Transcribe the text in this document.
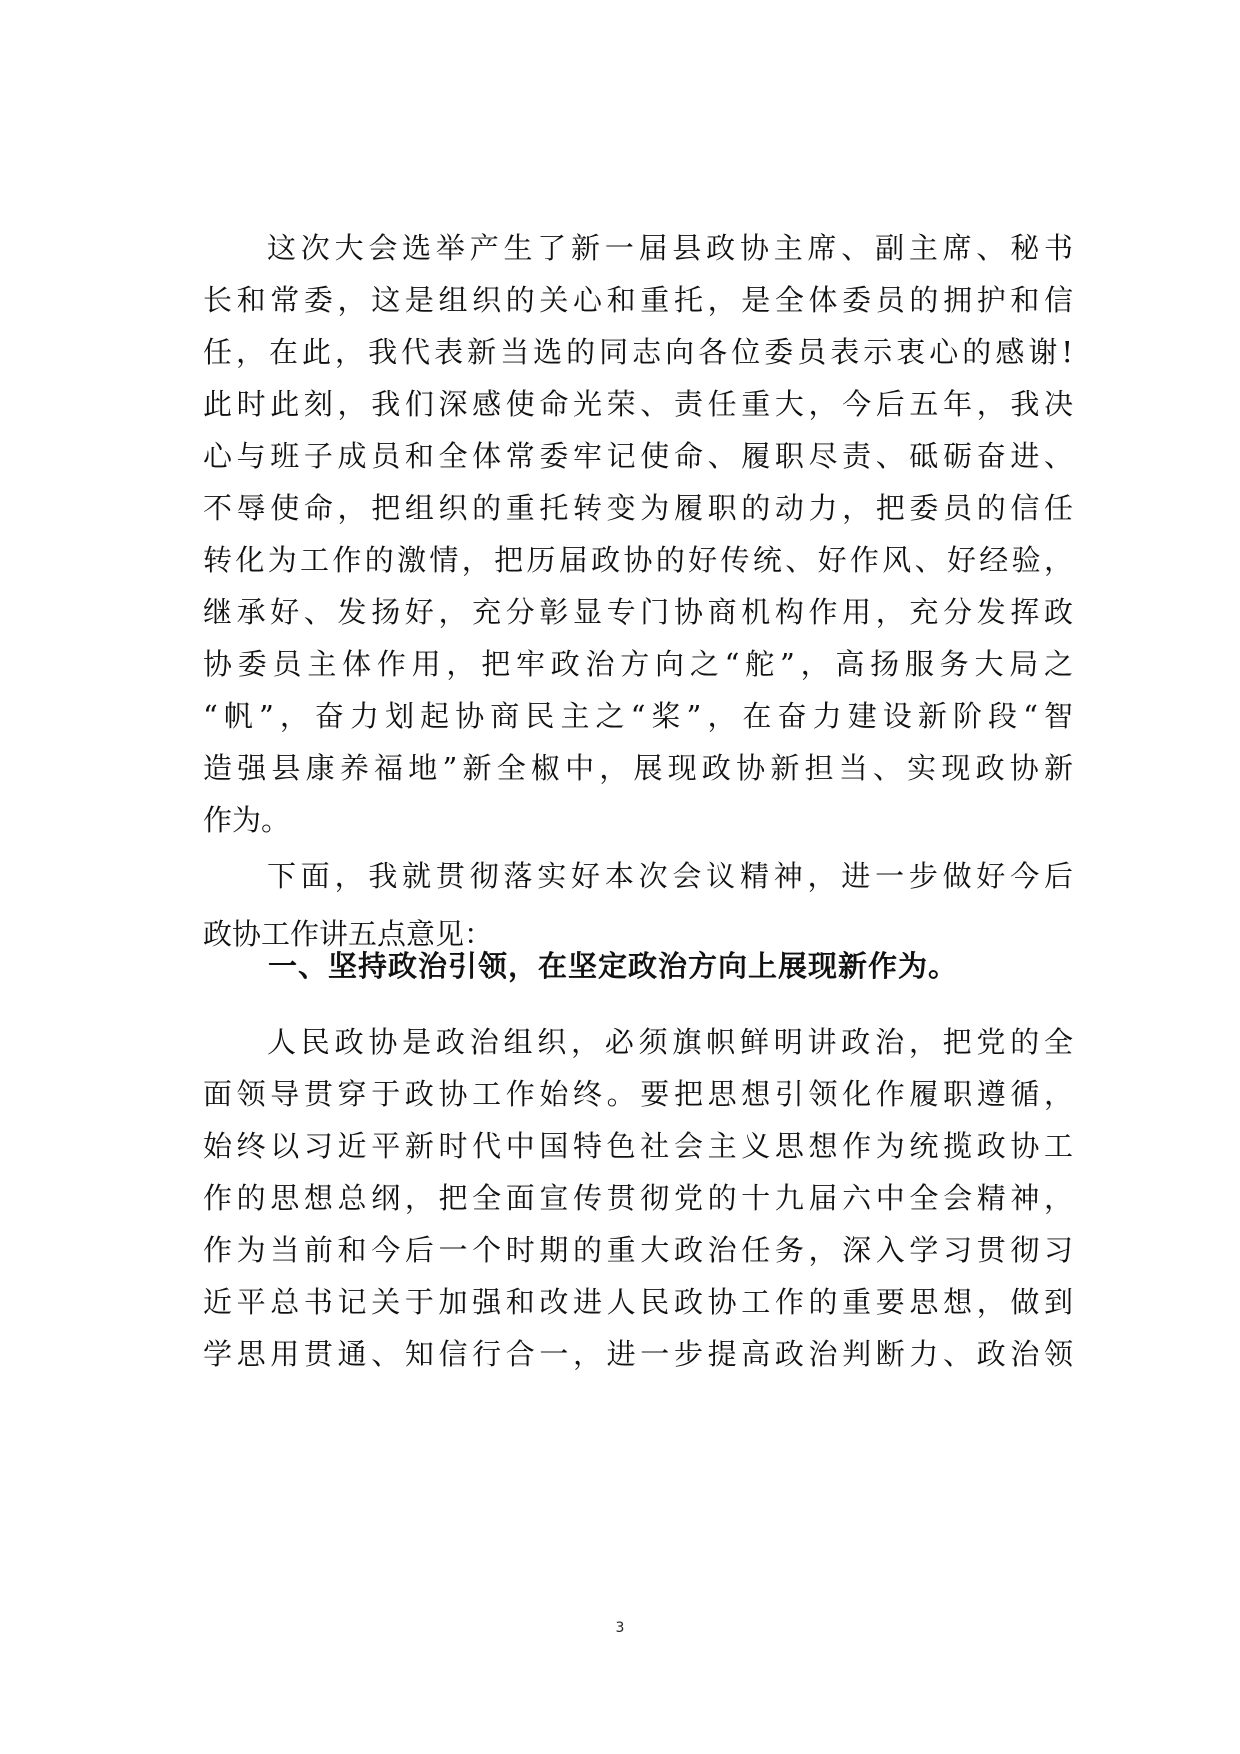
这次大会选举产生了新一届县政协主席、副主席、秘书
长和常委，这是组织的关心和重托，是全体委员的拥护和信
任，在此，我代表新当选的同志向各位委员表示衷心的感谢!
此时此刻，我们深感使命光荣、责任重大，今后五年，我决
心与班子成员和全体常委牢记使命、履职尽责、砥砺奋进、
不辱使命，把组织的重托转变为履职的动力，把委员的信任
转化为工作的激情，把历届政协的好传统、好作风、好经验，
继承好、发扬好，充分彰显专门协商机构作用，充分发挥政
协委员主体作用，把牢政治方向之“舵”，高扬服务大局之
“帆”，奋力划起协商民主之“桨”，在奋力建设新阶段“智
造强县康养福地”新全椒中，展现政协新担当、实现政协新
作为。
下面，我就贯彻落实好本次会议精神，进一步做好今后
政协工作讲五点意见：
人民政协是政治组织，必须旗帜鲜明讲政治，把党的全
面领导贯穿于政协工作始终。要把思想引领化作履职遵循，
始终以习近平新时代中国特色社会主义思想作为统揽政协工
作的思想总纲，把全面宣传贯彻党的十九届六中全会精神，
作为当前和今后一个时期的重大政治任务，深入学习贯彻习
近平总书记关于加强和改进人民政协工作的重要思想，做到
学思用贯通、知信行合一，进一步提高政治判断力、政治领
一、坚持政治引领，在坚定政治方向上展现新作为。
3
